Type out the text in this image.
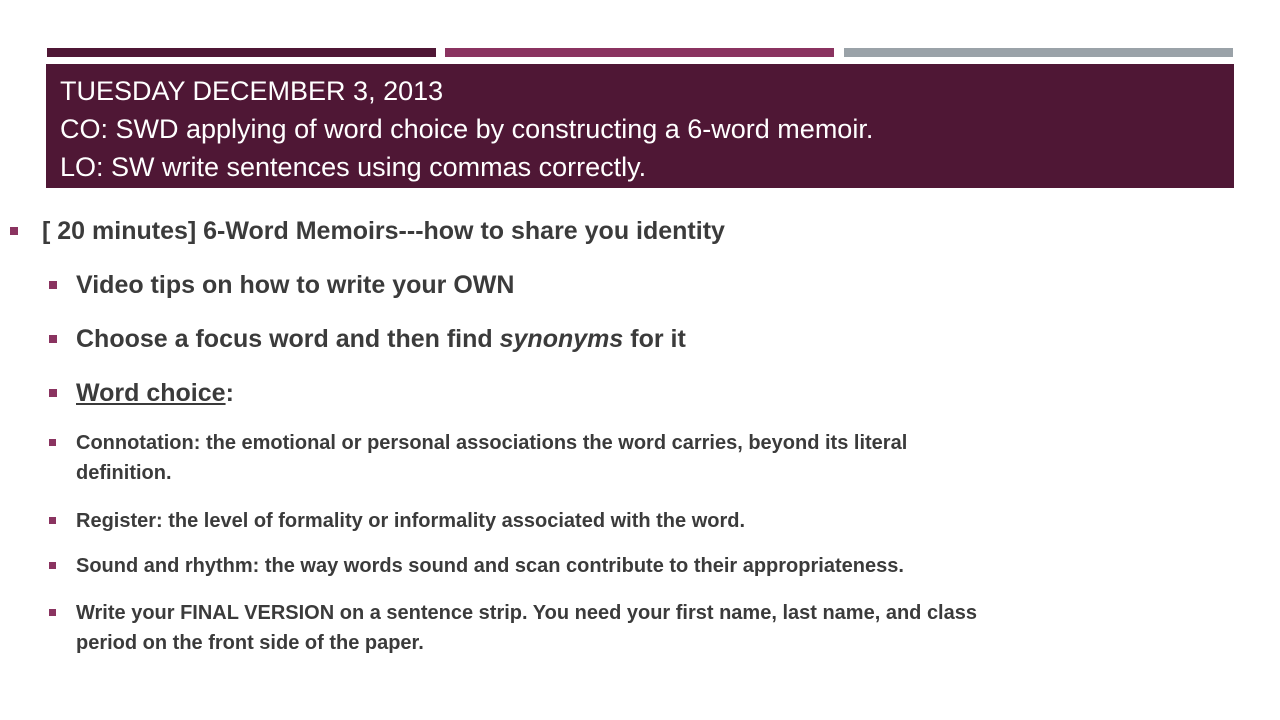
TUESDAY DECEMBER 3, 2013
CO: SWD applying of word choice by constructing a 6-word memoir.
LO: SW write sentences using commas correctly.
[ 20 minutes] 6-Word Memoirs---how to share you identity
Video tips on how to write your OWN
Choose a focus word and then find synonyms for it
Word choice:
Connotation: the emotional or personal associations the word carries, beyond its literal
definition.
Register: the level of formality or informality associated with the word.
Sound and rhythm: the way words sound and scan contribute to their appropriateness.
Write your FINAL VERSION on a sentence strip. You need your first name, last name, and class
period on the front side of the paper.
